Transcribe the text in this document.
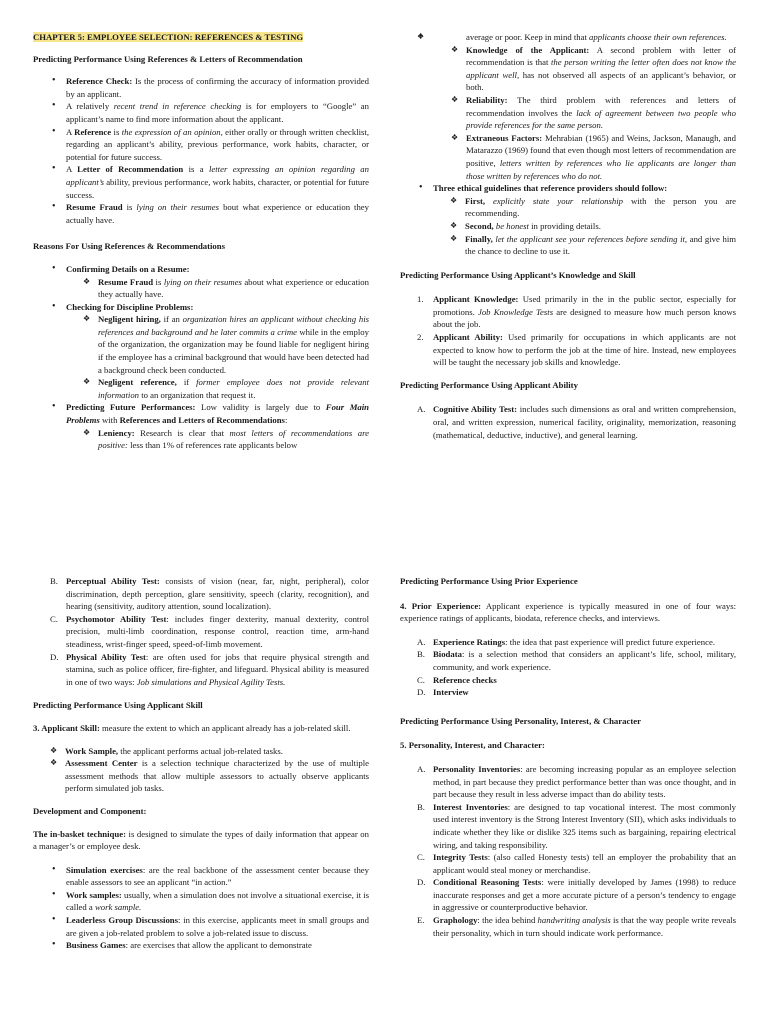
CHAPTER 5: EMPLOYEE SELECTION: REFERENCES & TESTING

Predicting Performance Using References & Letters of Recommendation

• Reference Check: Is the process of confirming the accuracy of information provided by an applicant.
• A relatively recent trend in reference checking is for employers to “Google” an applicant’s name to find more information about the applicant.
• A Reference is the expression of an opinion, either orally or through written checklist, regarding an applicant’s ability, previous performance, work habits, character, or potential for future success.
• A Letter of Recommendation is a letter expressing an opinion regarding an applicant’s ability, previous performance, work habits, character, or potential for future success.
• Resume Fraud is lying on their resumes bout what experience or education they actually have.

Reasons For Using References & Recommendations

• Confirming Details on a Resume:
❖ Resume Fraud is lying on their resumes about what experience or education they actually have.
• Checking for Discipline Problems:
❖ Negligent hiring, if an organization hires an applicant without checking his references and background and he later commits a crime while in the employ of the organization, the organization may be found liable for negligent hiring if the employee has a criminal background that would have been detected had a background check been conducted.
❖ Negligent reference, if former employee does not provide relevant information to an organization that request it.
• Predicting Future Performances: Low validity is largely due to Four Main Problems with References and Letters of Recommendations:
❖ Leniency: Research is clear that most letters of recommendations are positive: less than 1% of references rate applicants below
❖ • average or poor. Keep in mind that applicants choose their own references.
❖ Knowledge of the Applicant: A second problem with letter of recommendation is that the person writing the letter often does not know the applicant well, has not observed all aspects of an applicant’s behavior, or both.
❖ Reliability: The third problem with references and letters of recommendation involves the lack of agreement between two people who provide references for the same person.
❖ Extraneous Factors: Mehrabian (1965) and Weins, Jackson, Manaugh, and Matarazzo (1969) found that even though most letters of recommendation are positive, letters written by references who lie applicants are longer than those written by references who do not.
• Three ethical guidelines that reference providers should follow:
❖ First, explicitly state your relationship with the person you are recommending.
❖ Second, be honest in providing details.
❖ Finally, let the applicant see your references before sending it, and give him the chance to decline to use it.

Predicting Performance Using Applicant’s Knowledge and Skill

1. Applicant Knowledge: Used primarily in the in the public sector, especially for promotions. Job Knowledge Tests are designed to measure how much person knows about the job.
2. Applicant Ability: Used primarily for occupations in which applicants are not expected to know how to perform the job at the time of hire. Instead, new employees will be taught the necessary job skills and knowledge.

Predicting Performance Using Applicant Ability

A. Cognitive Ability Test: includes such dimensions as oral and written comprehension, oral, and written expression, numerical facility, originality, memorization, reasoning (mathematical, deductive, inductive), and general learning.
B. Perceptual Ability Test: consists of vision (near, far, night, peripheral), color discrimination, depth perception, glare sensitivity, speech (clarity, recognition), and hearing (sensitivity, auditory attention, sound localization).
C. Psychomotor Ability Test: includes finger dexterity, manual dexterity, control precision, multi-limb coordination, response control, reaction time, arm-hand steadiness, wrist-finger speed, speed-of-limb movement.
D. Physical Ability Test: are often used for jobs that require physical strength and stamina, such as police officer, fire-fighter, and lifeguard. Physical ability is measured in one of two ways: Job simulations and Physical Agility Tests.

Predicting Performance Using Applicant Skill

3. Applicant Skill: measure the extent to which an applicant already has a job-related skill.

❖ Work Sample, the applicant performs actual job-related tasks.
❖ Assessment Center is a selection technique characterized by the use of multiple assessment methods that allow multiple assessors to actually observe applicants perform simulated job tasks.

Development and Component:

The in-basket technique: is designed to simulate the types of daily information that appear on a manager’s or employee desk.

• Simulation exercises: are the real backbone of the assessment center because they enable assessors to see an applicant “in action.”
• Work samples: usually, when a simulation does not involve a situational exercise, it is called a work sample.
• Leaderless Group Discussions: in this exercise, applicants meet in small groups and are given a job-related problem to solve a job-related issue to discuss.
• Business Games: are exercises that allow the applicant to demonstrate

Predicting Performance Using Prior Experience

4. Prior Experience: Applicant experience is typically measured in one of four ways: experience ratings of applicants, biodata, reference checks, and interviews.

A. Experience Ratings: the idea that past experience will predict future experience.
B. Biodata: is a selection method that considers an applicant’s life, school, military, community, and work experience.
C. Reference checks
D. Interview

Predicting Performance Using Personality, Interest, & Character

5. Personality, Interest, and Character:

A. Personality Inventories: are becoming increasing popular as an employee selection method, in part because they predict performance better than was once thought, and in part because they result in less adverse impact than do ability tests.
B. Interest Inventories: are designed to tap vocational interest. The most commonly used interest inventory is the Strong Interest Inventory (SII), which asks individuals to indicate whether they like or dislike 325 items such as bargaining, repairing electrical wiring, and taking responsibility.
C. Integrity Tests: (also called Honesty tests) tell an employer the probability that an applicant would steal money or merchandise.
D. Conditional Reasoning Tests: were initially developed by James (1998) to reduce inaccurate responses and get a more accurate picture of a person’s tendency to engage in aggressive or counterproductive behavior.
E. Graphology: the idea behind handwriting analysis is that the way people write reveals their personality, which in turn should indicate work performance.
